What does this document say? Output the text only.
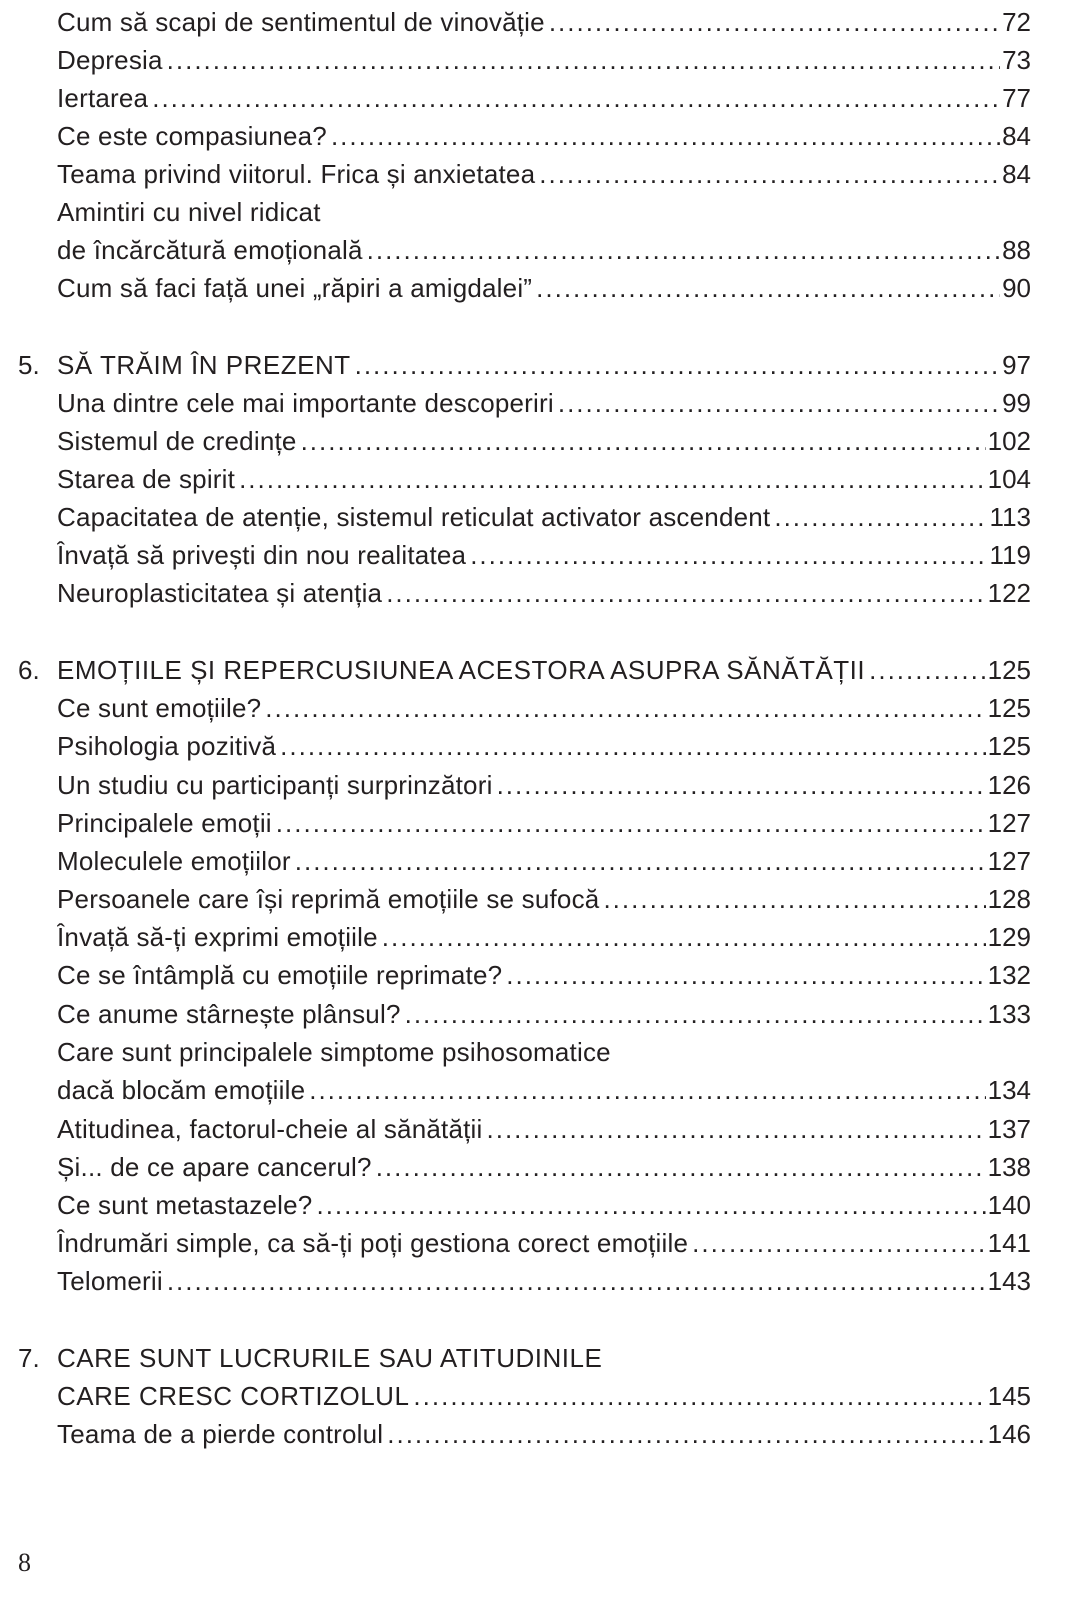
Cum să scapi de sentimentul de vinovăție .....	72
Depresia .....	73
Iertarea .....	77
Ce este compasiunea? .....	84
Teama privind viitorul. Frica și anxietatea .....	84
Amintiri cu nivel ridicat
de încărcătură emoțională .....	88
Cum să faci față unei „răpiri a amigdalei” .....	90
5. SĂ TRĂIM ÎN PREZENT .....	97
Una dintre cele mai importante descoperiri .....	99
Sistemul de credințe .....	102
Starea de spirit .....	104
Capacitatea de atenție, sistemul reticulat activator ascendent .....	113
Învață să privești din nou realitatea .....	119
Neuroplasticitatea și atenția .....	122
6. EMOȚIILE ȘI REPERCUSIUNEA ACESTORA ASUPRA SĂNĂTĂȚII .....	125
Ce sunt emoțiile? .....	125
Psihologia pozitivă .....	125
Un studiu cu participanți surprinzători .....	126
Principalele emoții .....	127
Moleculele emoțiilor .....	127
Persoanele care își reprimă emoțiile se sufocă .....	128
Învață să-ți exprimi emoțiile .....	129
Ce se întâmplă cu emoțiile reprimate? .....	132
Ce anume stârnește plânsul? .....	133
Care sunt principalele simptome psihosomatice
dacă blocăm emoțiile .....	134
Atitudinea, factorul-cheie al sănătății .....	137
Și... de ce apare cancerul? .....	138
Ce sunt metastazele? .....	140
Îndrumări simple, ca să-ți poți gestiona corect emoțiile .....	141
Telomerii .....	143
7. CARE SUNT LUCRURILE SAU ATITUDINILE
CARE CRESC CORTIZOLUL .....	145
Teama de a pierde controlul .....	146
8
